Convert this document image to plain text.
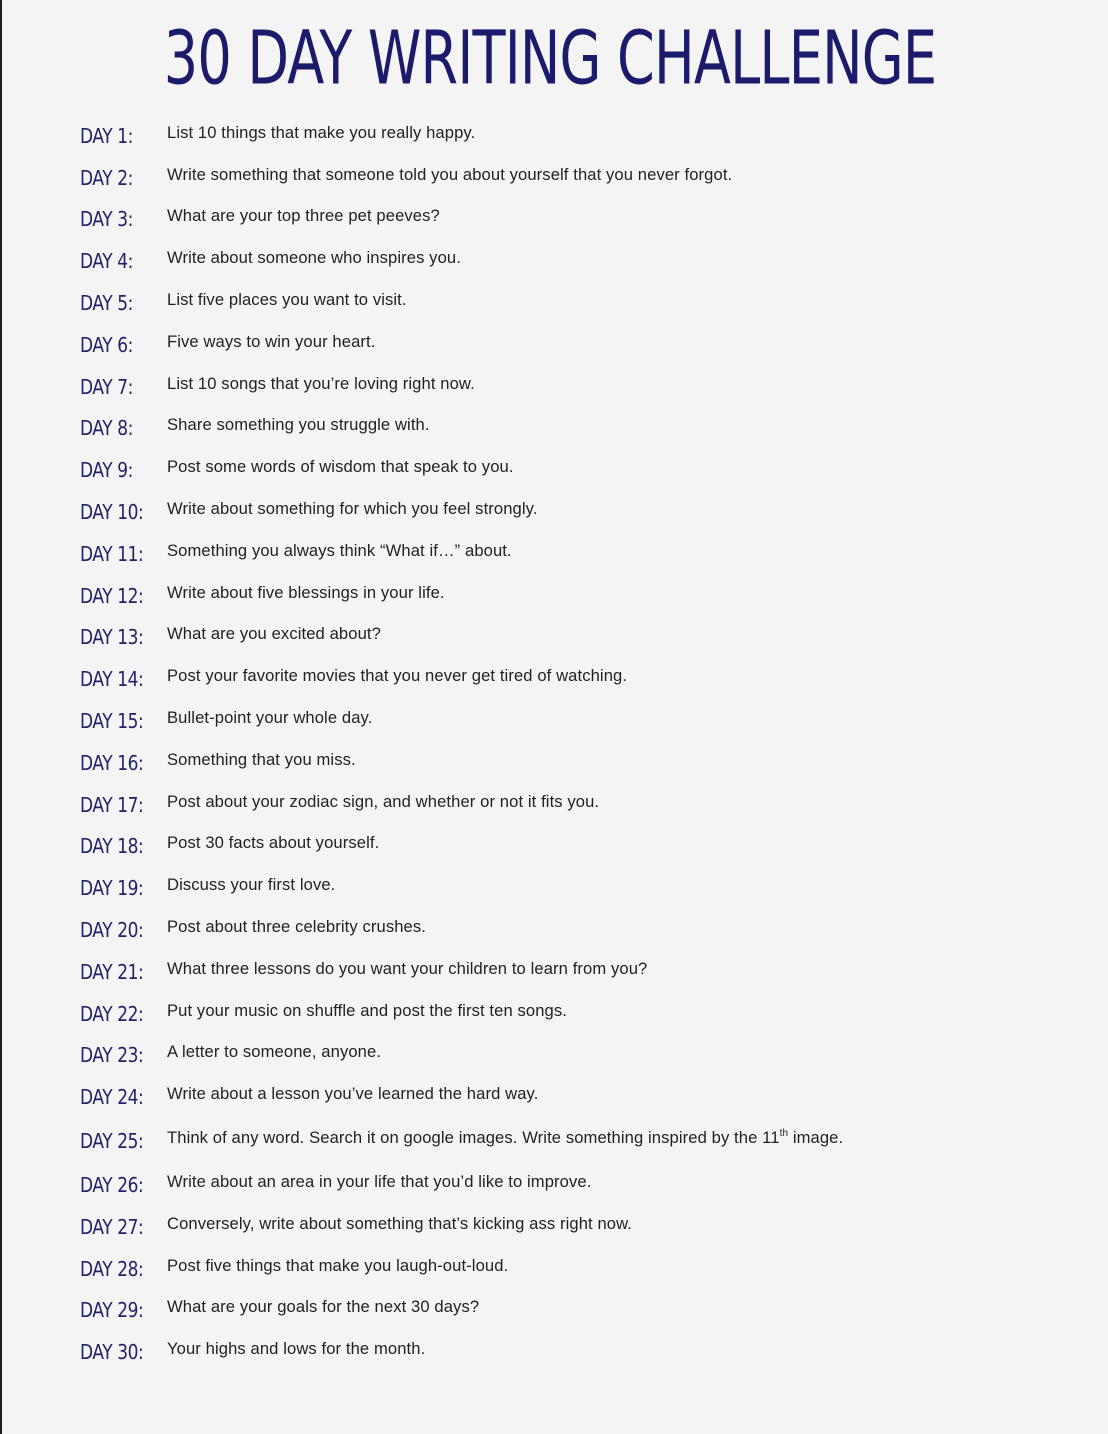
30 DAY WRITING CHALLENGE
DAY 1:	List 10 things that make you really happy.
DAY 2:	Write something that someone told you about yourself that you never forgot.
DAY 3:	What are your top three pet peeves?
DAY 4:	Write about someone who inspires you.
DAY 5:	List five places you want to visit.
DAY 6:	Five ways to win your heart.
DAY 7:	List 10 songs that you’re loving right now.
DAY 8:	Share something you struggle with.
DAY 9:	Post some words of wisdom that speak to you.
DAY 10:	Write about something for which you feel strongly.
DAY 11:	Something you always think “What if…” about.
DAY 12:	Write about five blessings in your life.
DAY 13:	What are you excited about?
DAY 14:	Post your favorite movies that you never get tired of watching.
DAY 15:	Bullet-point your whole day.
DAY 16:	Something that you miss.
DAY 17:	Post about your zodiac sign, and whether or not it fits you.
DAY 18:	Post 30 facts about yourself.
DAY 19:	Discuss your first love.
DAY 20:	Post about three celebrity crushes.
DAY 21:	What three lessons do you want your children to learn from you?
DAY 22:	Put your music on shuffle and post the first ten songs.
DAY 23:	A letter to someone, anyone.
DAY 24:	Write about a lesson you’ve learned the hard way.
DAY 25:	Think of any word. Search it on google images. Write something inspired by the 11th image.
DAY 26:	Write about an area in your life that you’d like to improve.
DAY 27:	Conversely, write about something that’s kicking ass right now.
DAY 28:	Post five things that make you laugh-out-loud.
DAY 29:	What are your goals for the next 30 days?
DAY 30:	Your highs and lows for the month.
